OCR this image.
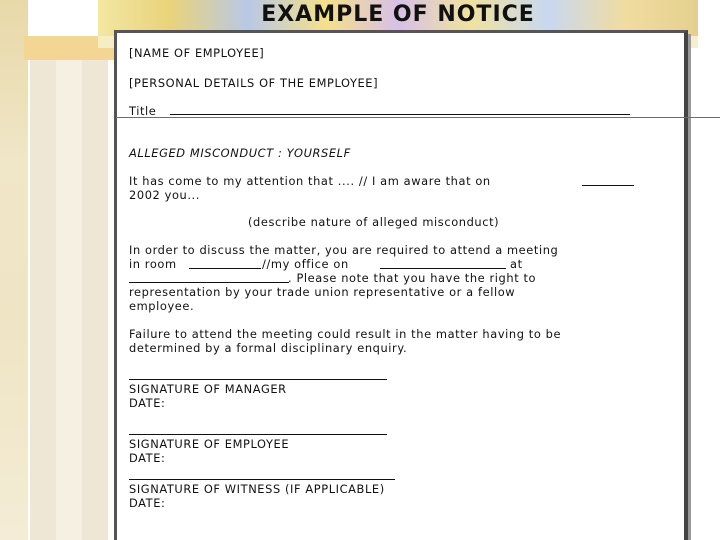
EXAMPLE OF NOTICE
[NAME OF EMPLOYEE]
[PERSONAL DETAILS OF THE EMPLOYEE]
Title
ALLEGED MISCONDUCT : YOURSELF
It has come to my attention that .... // I am aware that on
2002 you...
(describe nature of alleged misconduct)
In order to discuss the matter, you are required to attend a meeting
in room	//my office on	at
. Please note that you have the right to
representation by your trade union representative or a fellow
employee.
Failure to attend the meeting could result in the matter having to be
determined by a formal disciplinary enquiry.
SIGNATURE OF MANAGER
DATE:
SIGNATURE OF EMPLOYEE
DATE:
SIGNATURE OF WITNESS (IF APPLICABLE)
DATE:
